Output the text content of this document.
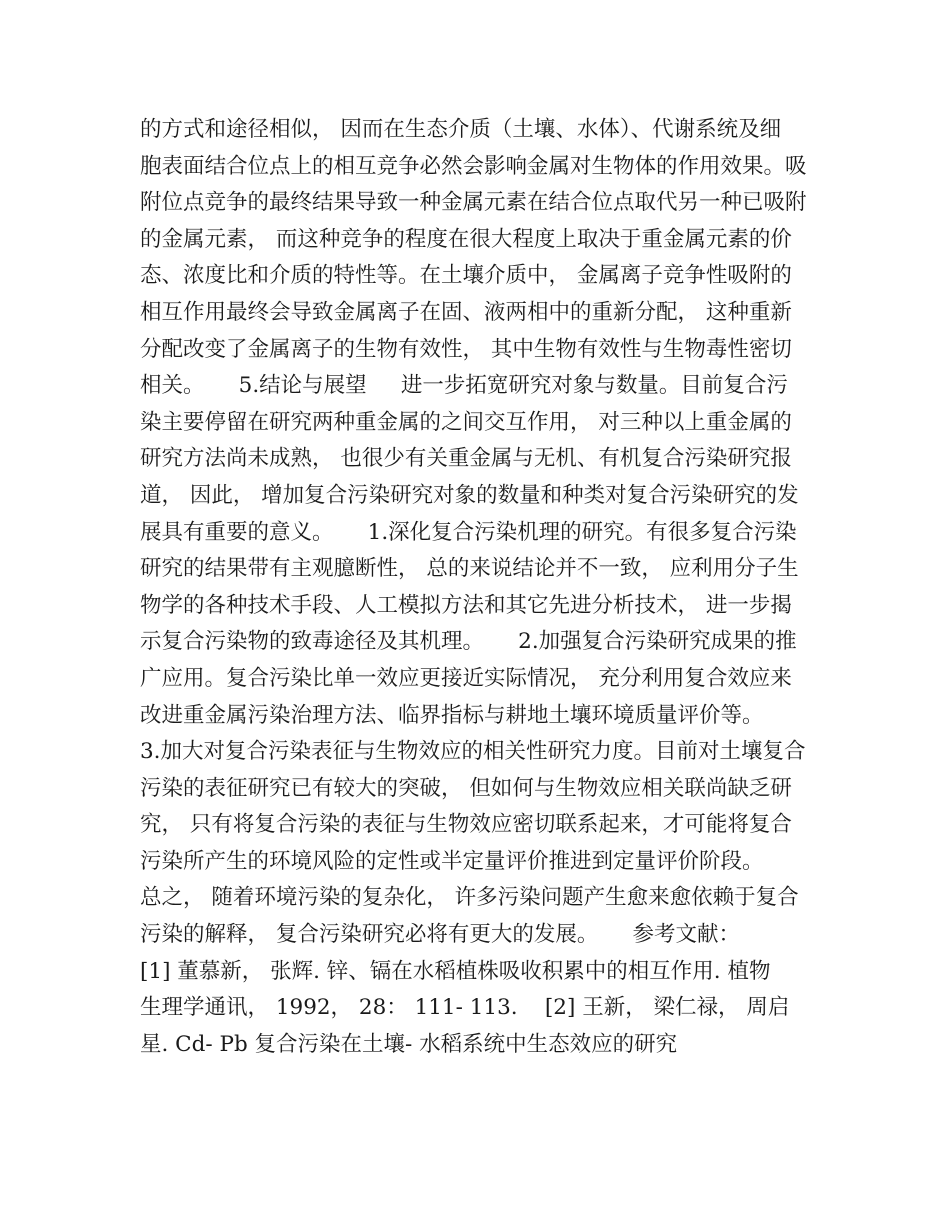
的方式和途径相似， 因而在生态介质（土壤、水体）、代谢系统及细
胞表面结合位点上的相互竞争必然会影响金属对生物体的作用效果。吸
附位点竞争的最终结果导致一种金属元素在结合位点取代另一种已吸附
的金属元素， 而这种竞争的程度在很大程度上取决于重金属元素的价
态、浓度比和介质的特性等。在土壤介质中， 金属离子竞争性吸附的
相互作用最终会导致金属离子在固、液两相中的重新分配， 这种重新
分配改变了金属离子的生物有效性， 其中生物有效性与生物毒性密切
相关。     5.结论与展望     进一步拓宽研究对象与数量。目前复合污
染主要停留在研究两种重金属的之间交互作用， 对三种以上重金属的
研究方法尚未成熟， 也很少有关重金属与无机、有机复合污染研究报
道， 因此， 增加复合污染研究对象的数量和种类对复合污染研究的发
展具有重要的意义。     1.深化复合污染机理的研究。有很多复合污染
研究的结果带有主观臆断性， 总的来说结论并不一致， 应利用分子生
物学的各种技术手段、人工模拟方法和其它先进分析技术， 进一步揭
示复合污染物的致毒途径及其机理。     2.加强复合污染研究成果的推
广应用。复合污染比单一效应更接近实际情况， 充分利用复合效应来
改进重金属污染治理方法、临界指标与耕地土壤环境质量评价等。
3.加大对复合污染表征与生物效应的相关性研究力度。目前对土壤复合
污染的表征研究已有较大的突破， 但如何与生物效应相关联尚缺乏研
究， 只有将复合污染的表征与生物效应密切联系起来，才可能将复合
污染所产生的环境风险的定性或半定量评价推进到定量评价阶段。
总之， 随着环境污染的复杂化， 许多污染问题产生愈来愈依赖于复合
污染的解释， 复合污染研究必将有更大的发展。     参考文献：
[1] 董慕新， 张辉. 锌、镉在水稻植株吸收积累中的相互作用. 植物
生理学通讯， 1992， 28： 111- 113.    [2] 王新， 梁仁禄， 周启
星. Cd- Pb 复合污染在土壤- 水稻系统中生态效应的研究
